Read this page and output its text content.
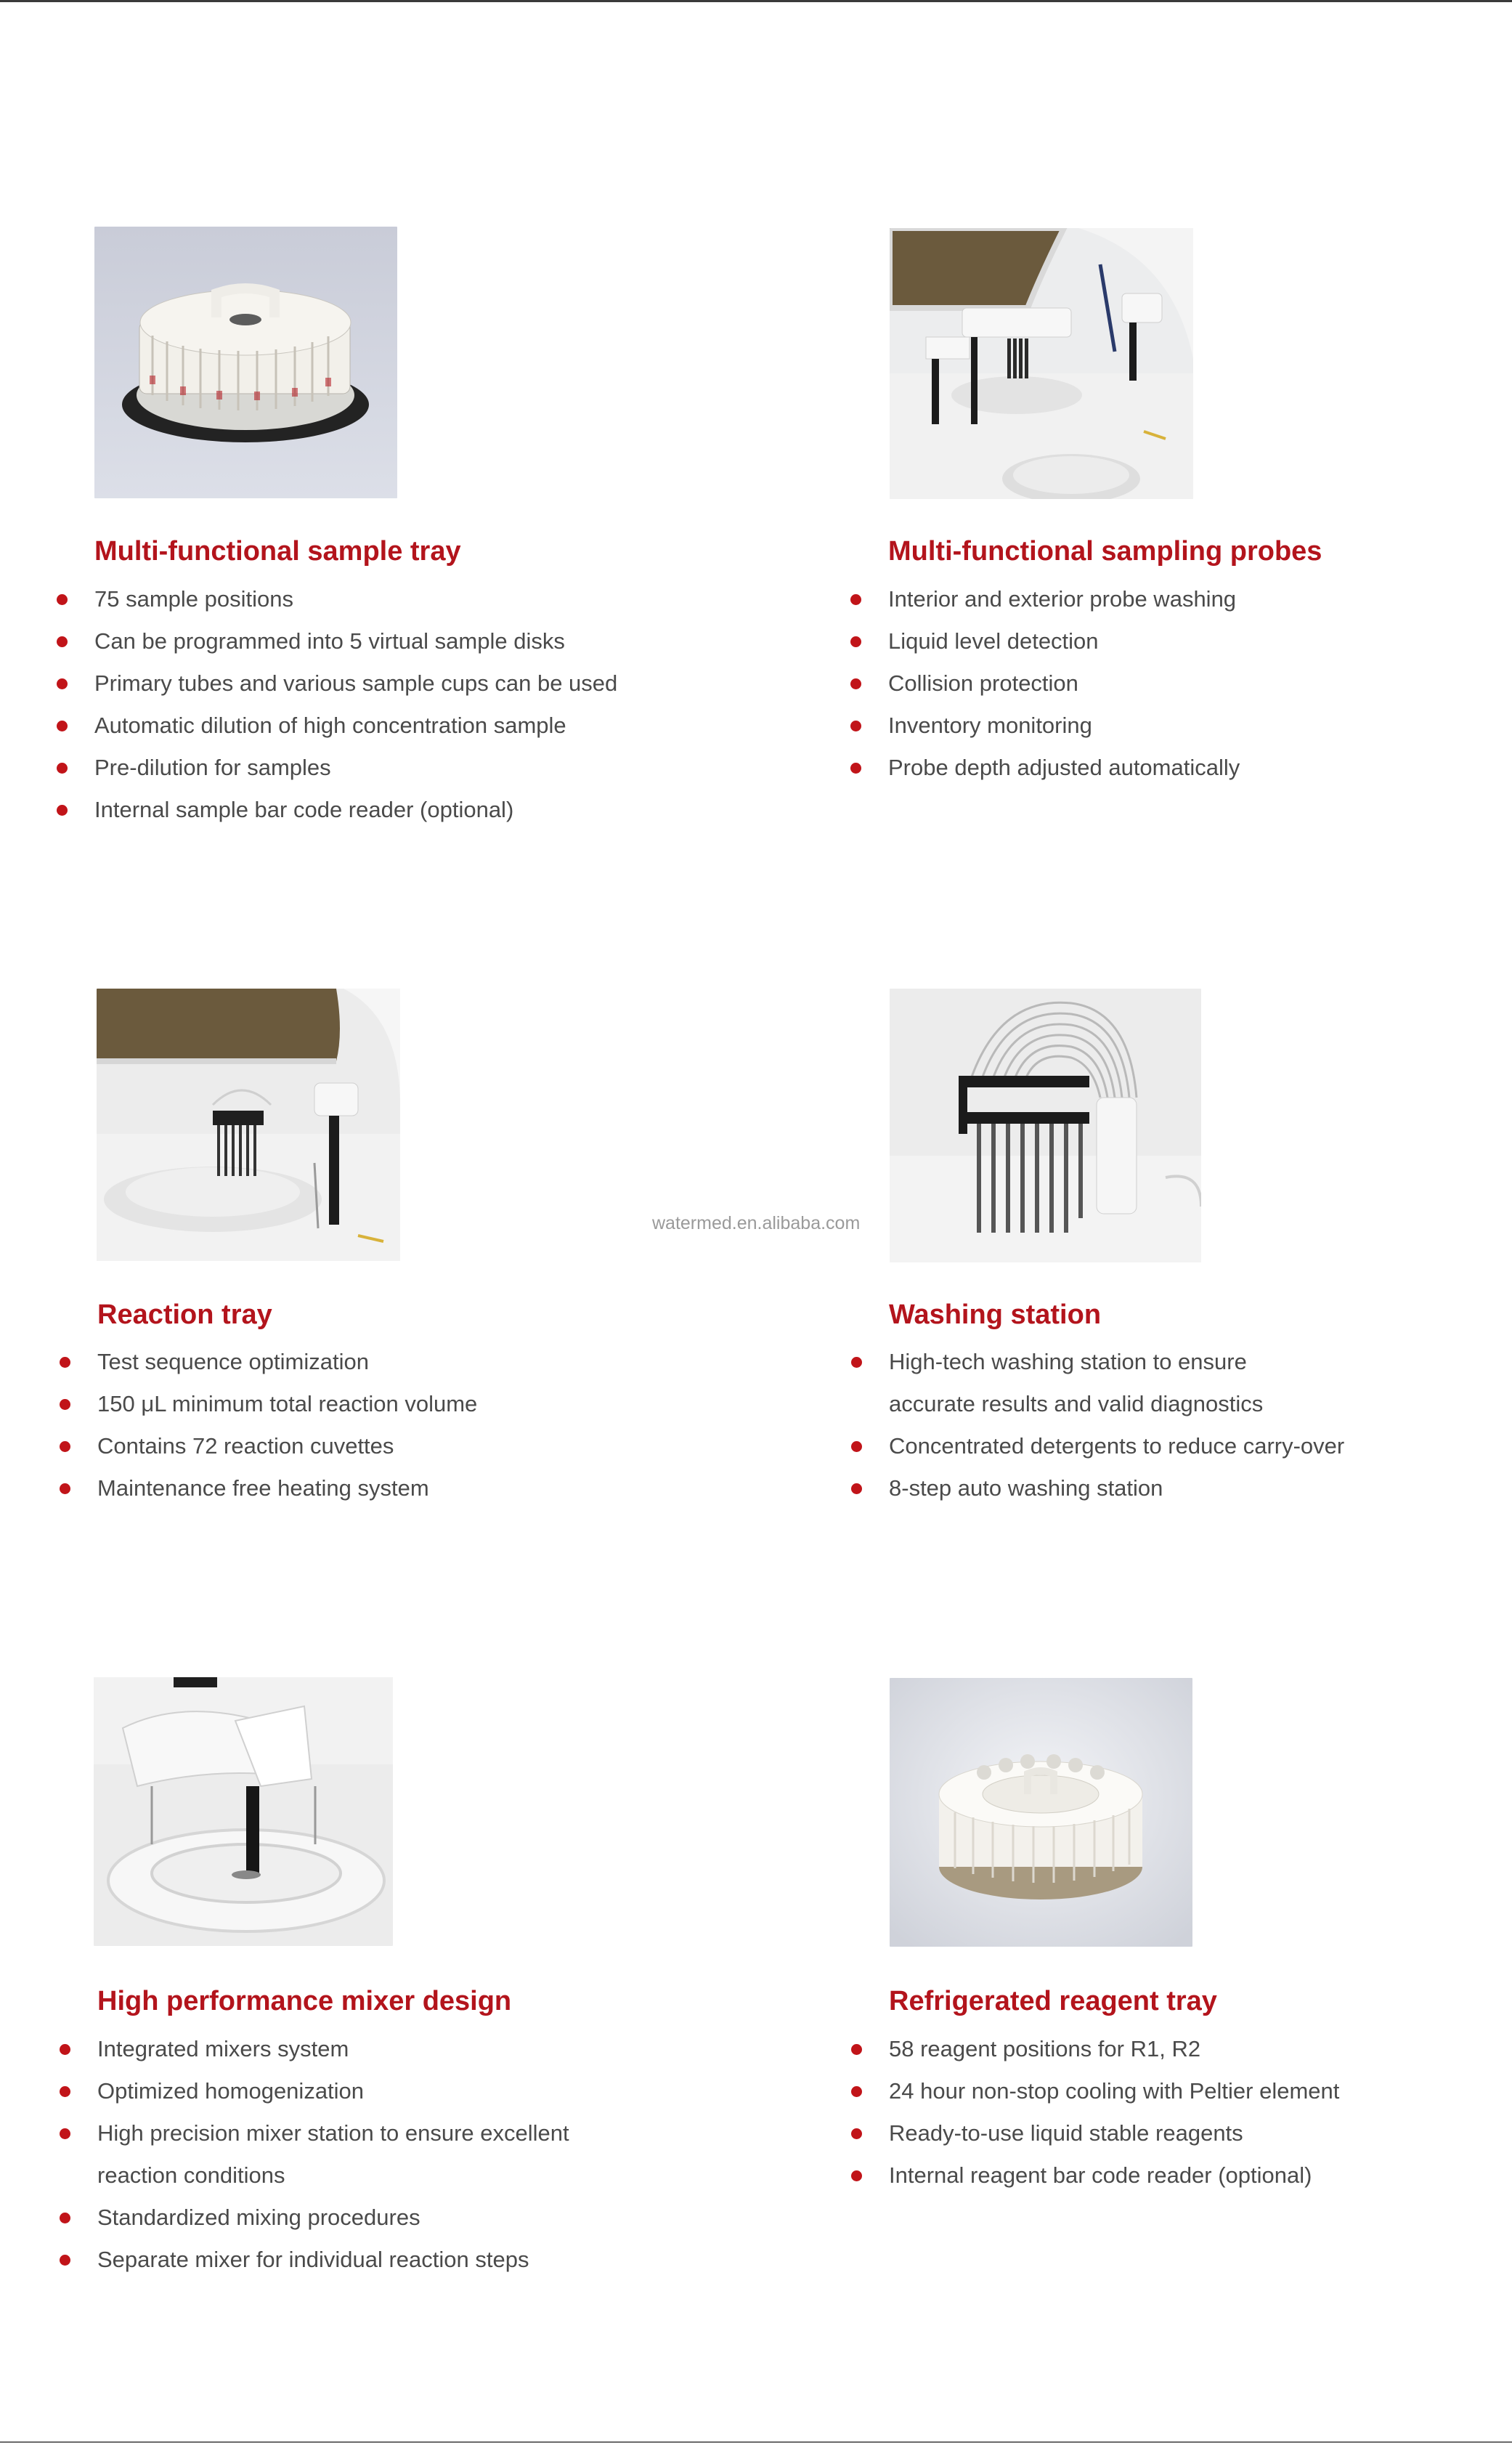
Multi-functional sample tray
75 sample positions
Can be programmed into 5 virtual sample disks
Primary tubes and various sample cups can be used
Automatic dilution of high concentration sample
Pre-dilution for samples
Internal sample bar code reader (optional)
Multi-functional sampling probes
Interior and exterior probe washing
Liquid level detection
Collision protection
Inventory monitoring
Probe depth adjusted automatically
Reaction tray
Test sequence optimization
150 μL minimum total reaction volume
Contains 72 reaction cuvettes
Maintenance free heating system
watermed.en.alibaba.com
Washing station
High-tech washing station to ensure
accurate results and valid diagnostics
Concentrated detergents to reduce carry-over
8-step auto washing station
High performance mixer design
Integrated mixers system
Optimized homogenization
High precision mixer station to ensure excellent
reaction conditions
Standardized mixing procedures
Separate mixer for individual reaction steps
Refrigerated reagent tray
58 reagent positions for R1, R2
24 hour non-stop cooling with Peltier element
Ready-to-use liquid stable reagents
Internal reagent bar code reader (optional)
